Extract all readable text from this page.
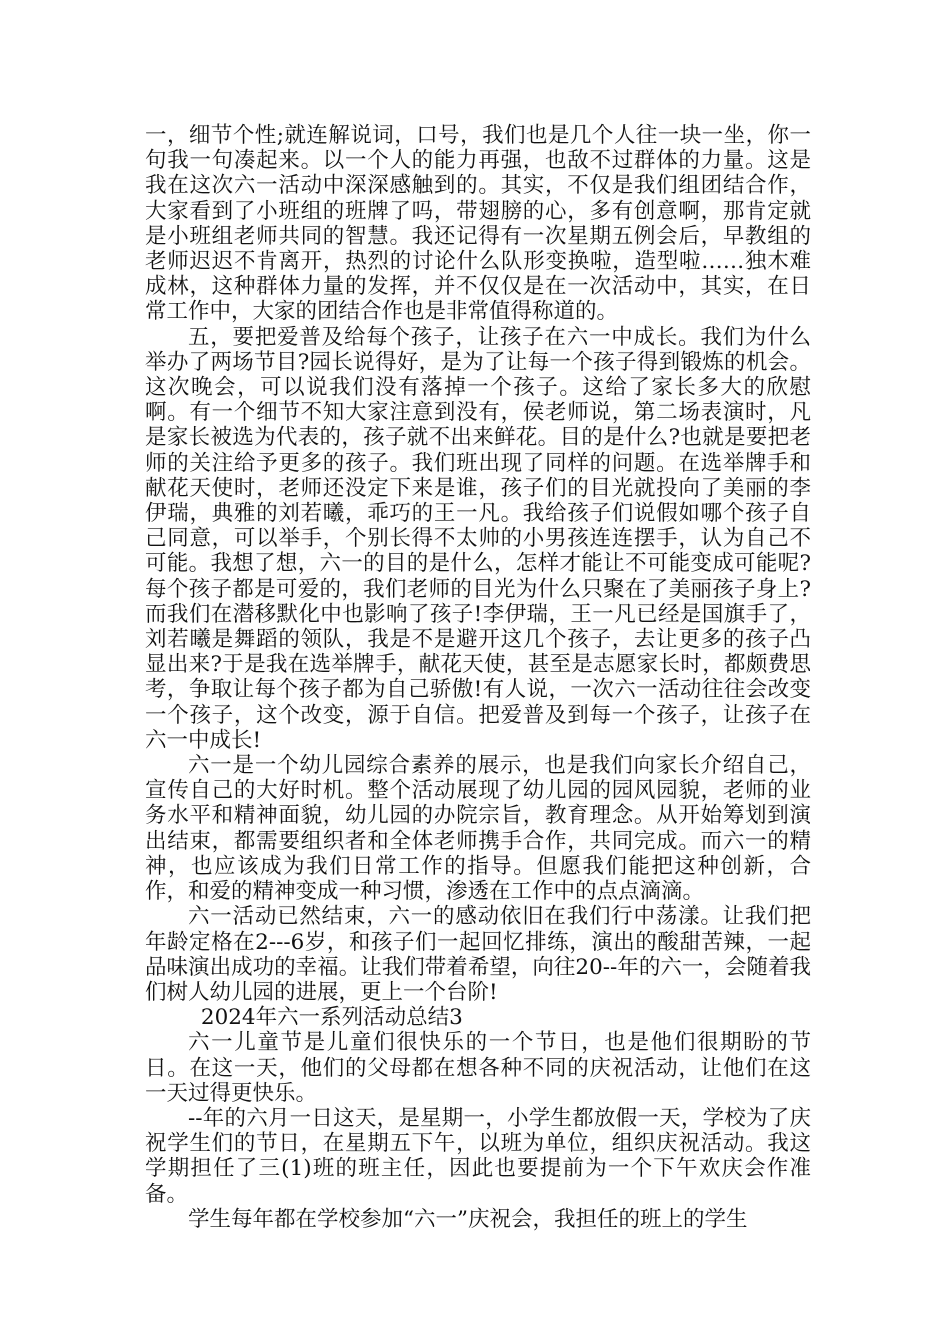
一，细节个性;就连解说词，口号，我们也是几个人往一块一坐，你一句我一句凑起来。以一个人的能力再强，也敌不过群体的力量。这是我在这次六一活动中深深感触到的。其实，不仅是我们组团结合作，大家看到了小班组的班牌了吗，带翅膀的心，多有创意啊，那肯定就是小班组老师共同的智慧。我还记得有一次星期五例会后，早教组的老师迟迟不肯离开，热烈的讨论什么队形变换啦，造型啦……独木难成林，这种群体力量的发挥，并不仅仅是在一次活动中，其实，在日常工作中，大家的团结合作也是非常值得称道的。

五，要把爱普及给每个孩子，让孩子在六一中成长。我们为什么举办了两场节目?园长说得好，是为了让每一个孩子得到锻炼的机会。这次晚会，可以说我们没有落掉一个孩子。这给了家长多大的欣慰啊。有一个细节不知大家注意到没有，侯老师说，第二场表演时，凡是家长被选为代表的，孩子就不出来鲜花。目的是什么?也就是要把老师的关注给予更多的孩子。我们班出现了同样的问题。在选举牌手和献花天使时，老师还没定下来是谁，孩子们的目光就投向了美丽的李伊瑞，典雅的刘若曦，乖巧的王一凡。我给孩子们说假如哪个孩子自己同意，可以举手，个别长得不太帅的小男孩连连摆手，认为自己不可能。我想了想，六一的目的是什么，怎样才能让不可能变成可能呢?每个孩子都是可爱的，我们老师的目光为什么只聚在了美丽孩子身上?而我们在潜移默化中也影响了孩子!李伊瑞，王一凡已经是国旗手了，刘若曦是舞蹈的领队，我是不是避开这几个孩子，去让更多的孩子凸显出来?于是我在选举牌手，献花天使，甚至是志愿家长时，都颇费思考，争取让每个孩子都为自己骄傲!有人说，一次六一活动往往会改变一个孩子，这个改变，源于自信。把爱普及到每一个孩子，让孩子在六一中成长!

六一是一个幼儿园综合素养的展示，也是我们向家长介绍自己，宣传自己的大好时机。整个活动展现了幼儿园的园风园貌，老师的业务水平和精神面貌，幼儿园的办院宗旨，教育理念。从开始筹划到演出结束，都需要组织者和全体老师携手合作，共同完成。而六一的精神，也应该成为我们日常工作的指导。但愿我们能把这种创新，合作，和爱的精神变成一种习惯，渗透在工作中的点点滴滴。

六一活动已然结束，六一的感动依旧在我们行中荡漾。让我们把年龄定格在2---6岁，和孩子们一起回忆排练，演出的酸甜苦辣，一起品味演出成功的幸福。让我们带着希望，向往20--年的六一，会随着我们树人幼儿园的进展，更上一个台阶!

2024年六一系列活动总结3

六一儿童节是儿童们很快乐的一个节日，也是他们很期盼的节日。在这一天，他们的父母都在想各种不同的庆祝活动，让他们在这一天过得更快乐。

--年的六月一日这天，是星期一，小学生都放假一天，学校为了庆祝学生们的节日，在星期五下午，以班为单位，组织庆祝活动。我这学期担任了三(1)班的班主任，因此也要提前为一个下午欢庆会作准备。

学生每年都在学校参加“六一”庆祝会，我担任的班上的学生
